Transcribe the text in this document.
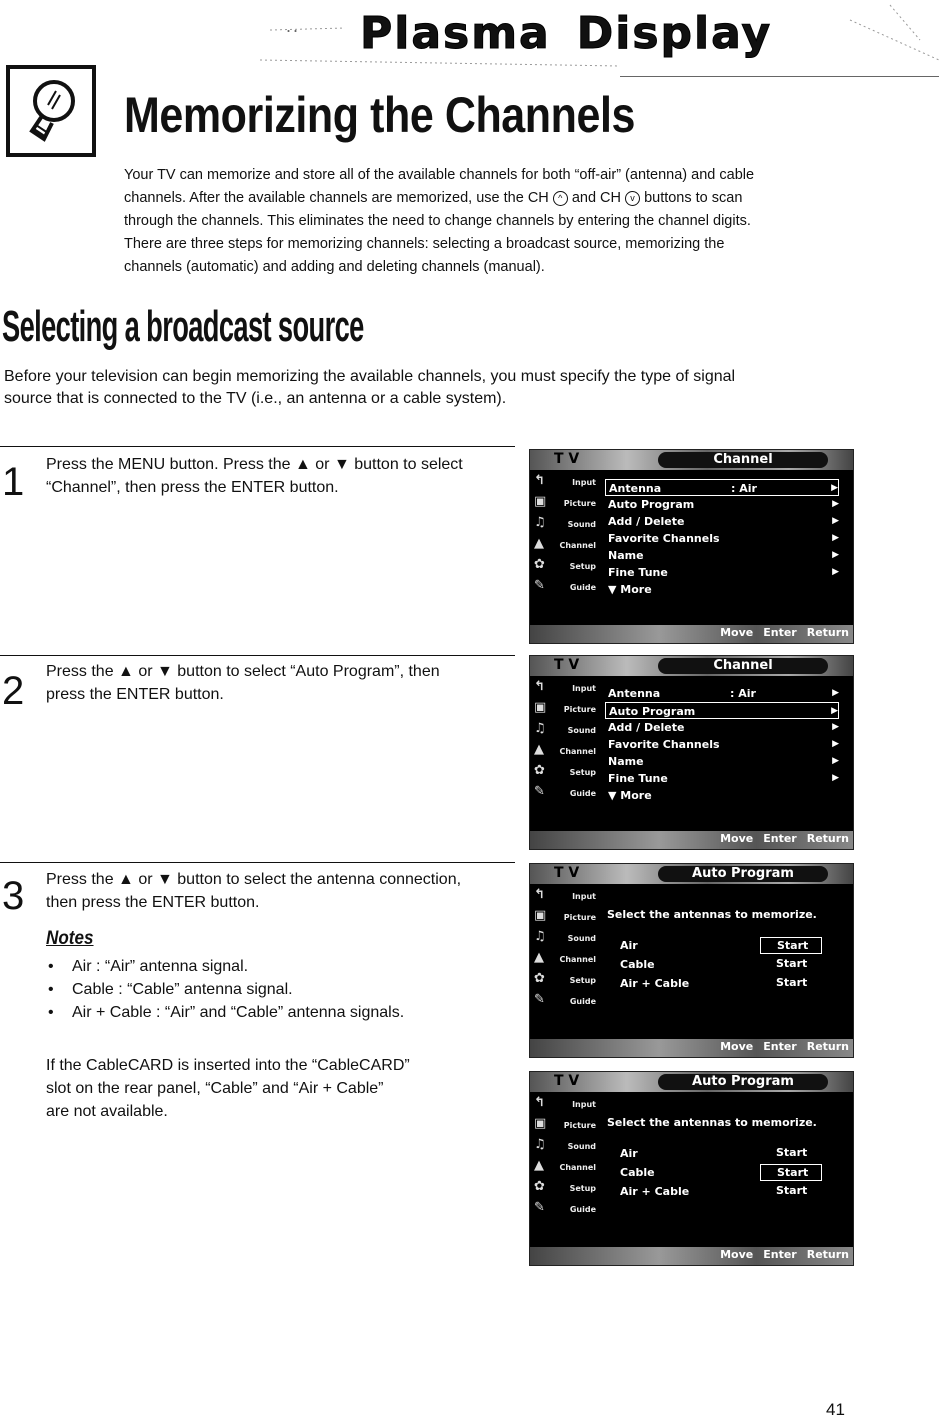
.. Plasma Display
Memorizing the Channels
Your TV can memorize and store all of the available channels for both “off-air” (antenna) and cable
channels. After the available channels are memorized, use the CH ^ and CH v buttons to scan
through the channels. This eliminates the need to change channels by entering the channel digits.
There are three steps for memorizing channels: selecting a broadcast source, memorizing the
channels (automatic) and adding and deleting channels (manual).
Selecting a broadcast source
Before your television can begin memorizing the available channels, you must specify the type of signal
source that is connected to the TV (i.e., an antenna or a cable system).
1 Press the MENU button. Press the ▲ or ▼ button to select
“Channel”, then press the ENTER button.
2 Press the ▲ or ▼ button to select “Auto Program”, then
press the ENTER button.
3 Press the ▲ or ▼ button to select the antenna connection,
then press the ENTER button.
Notes
• Air : “Air” antenna signal.
• Cable : “Cable” antenna signal.
• Air + Cable : “Air” and “Cable” antenna signals.
If the CableCARD is inserted into the “CableCARD”
slot on the rear panel, “Cable” and “Air + Cable”
are not available.
T V	Channel
↰	Input
▣ Picture
♫	Sound
▲ Channel
✿	Setup
✎	Guide
Antenna	: Air	▶
Auto Program	▶
Add / Delete	▶
Favorite Channels	▶
Name	▶
Fine Tune	▶
▼ More
Move Enter Return
T V	Channel
↰	Input
▣ Picture
♫	Sound
▲ Channel
✿	Setup
✎	Guide
Antenna	: Air	▶
Auto Program	▶
Add / Delete	▶
Favorite Channels	▶
Name	▶
Fine Tune	▶
▼ More
Move Enter Return
T V	Auto Program
↰	Input
▣ Picture
♫	Sound
▲ Channel
✿	Setup
✎	Guide
Select the antennas to memorize.
Air	Start
Cable	Start
Air + Cable	Start
Move Enter Return
T V	Auto Program
↰	Input
▣ Picture
♫	Sound
▲ Channel
✿	Setup
✎	Guide
Select the antennas to memorize.
Air	Start
Cable	Start
Air + Cable	Start
Move Enter Return
41
